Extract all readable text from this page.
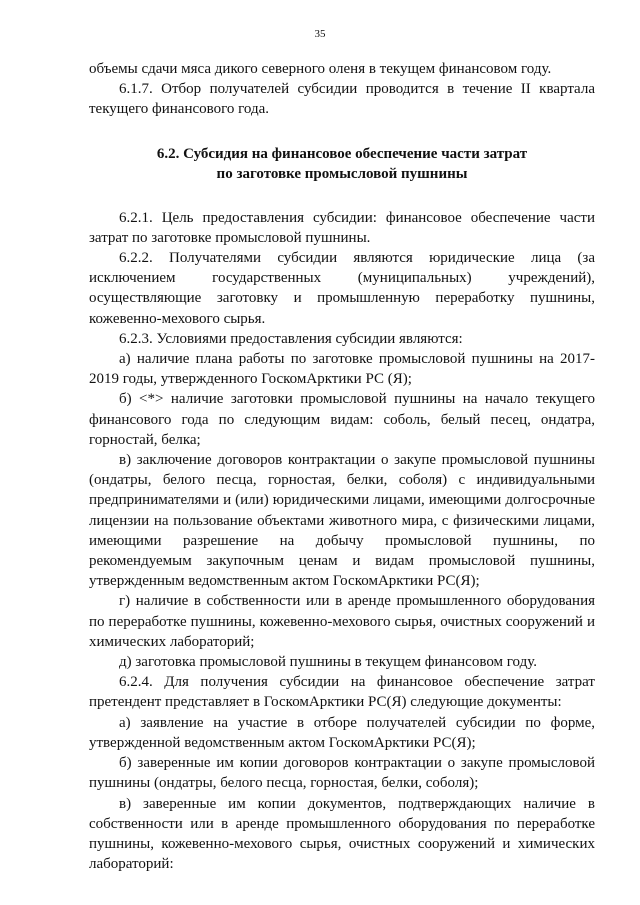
35

объемы сдачи мяса дикого северного оленя в текущем финансовом году.

6.1.7. Отбор получателей субсидии проводится в течение II квартала текущего финансового года.

6.2. Субсидия на финансовое обеспечение части затрат
по заготовке промысловой пушнины

6.2.1. Цель предоставления субсидии: финансовое обеспечение части затрат по заготовке промысловой пушнины.

6.2.2. Получателями субсидии являются юридические лица (за исключением государственных (муниципальных) учреждений), осуществляющие заготовку и промышленную переработку пушнины, кожевенно-мехового сырья.

6.2.3. Условиями предоставления субсидии являются:

а) наличие плана работы по заготовке промысловой пушнины на 2017-2019 годы, утвержденного ГоскомАрктики РС (Я);

б) <*> наличие заготовки промысловой пушнины на начало текущего финансового года по следующим видам: соболь, белый песец, ондатра, горностай, белка;

в) заключение договоров контрактации о закупе промысловой пушнины (ондатры, белого песца, горностая, белки, соболя) с индивидуальными предпринимателями и (или) юридическими лицами, имеющими долгосрочные лицензии на пользование объектами животного мира, с физическими лицами, имеющими разрешение на добычу промысловой пушнины, по рекомендуемым закупочным ценам и видам промысловой пушнины, утвержденным ведомственным актом ГоскомАрктики РС(Я);

г) наличие в собственности или в аренде промышленного оборудования по переработке пушнины, кожевенно-мехового сырья, очистных сооружений и химических лабораторий;

д) заготовка промысловой пушнины в текущем финансовом году.

6.2.4. Для получения субсидии на финансовое обеспечение затрат претендент представляет в ГоскомАрктики РС(Я) следующие документы:

а) заявление на участие в отборе получателей субсидии по форме, утвержденной ведомственным актом ГоскомАрктики РС(Я);

б) заверенные им копии договоров контрактации о закупе промысловой пушнины (ондатры, белого песца, горностая, белки, соболя);

в) заверенные им копии документов, подтверждающих наличие в собственности или в аренде промышленного оборудования по переработке пушнины, кожевенно-мехового сырья, очистных сооружений и химических лабораторий:
